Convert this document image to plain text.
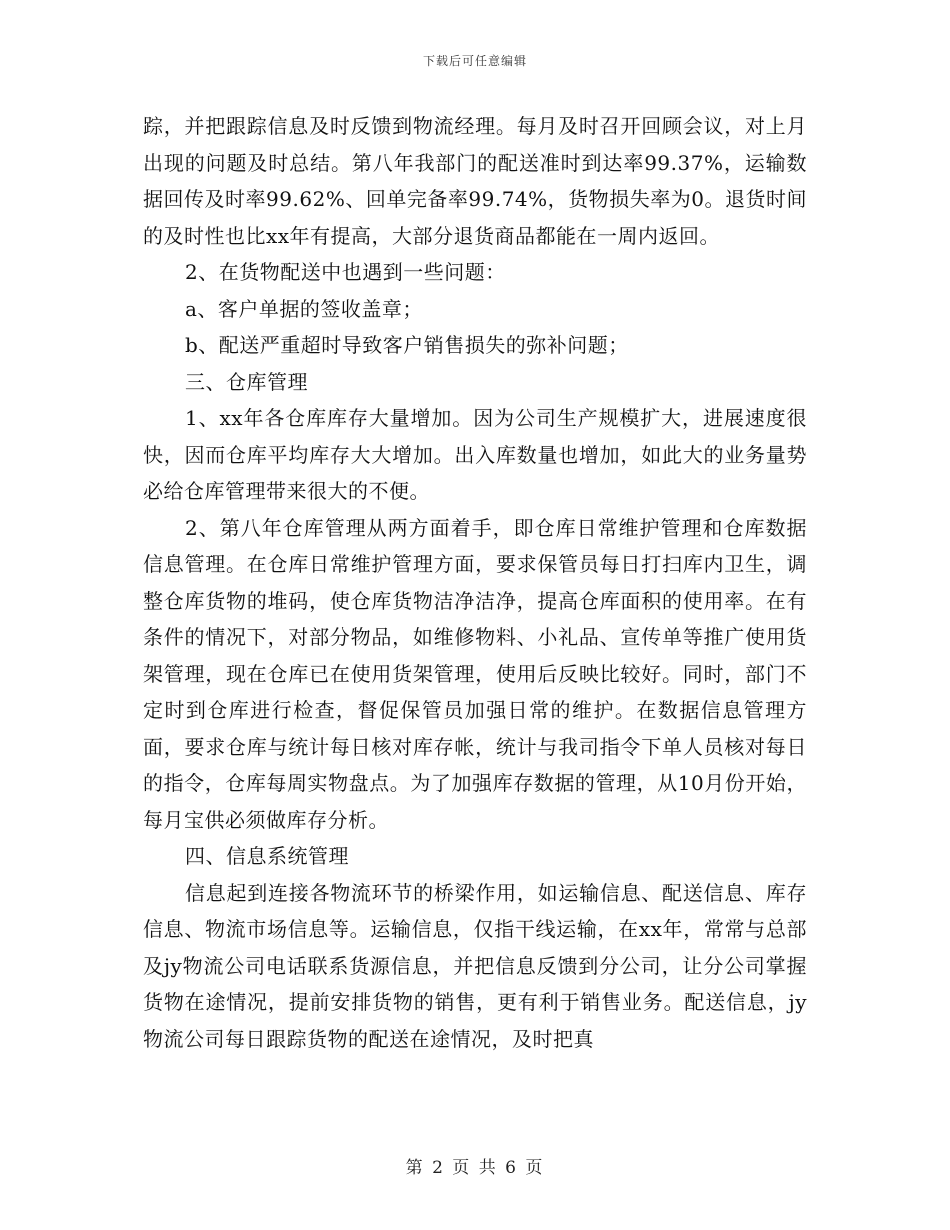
下载后可任意编辑

踪，并把跟踪信息及时反馈到物流经理。每月及时召开回顾会议，对上月出现的问题及时总结。第八年我部门的配送准时到达率99.37%，运输数据回传及时率99.62%、回单完备率99.74%，货物损失率为0。退货时间的及时性也比xx年有提高，大部分退货商品都能在一周内返回。

2、在货物配送中也遇到一些问题：

a、客户单据的签收盖章；

b、配送严重超时导致客户销售损失的弥补问题；

三、仓库管理

1、xx年各仓库库存大量增加。因为公司生产规模扩大，进展速度很快，因而仓库平均库存大大增加。出入库数量也增加，如此大的业务量势必给仓库管理带来很大的不便。

2、第八年仓库管理从两方面着手，即仓库日常维护管理和仓库数据信息管理。在仓库日常维护管理方面，要求保管员每日打扫库内卫生，调整仓库货物的堆码，使仓库货物洁净洁净，提高仓库面积的使用率。在有条件的情况下，对部分物品，如维修物料、小礼品、宣传单等推广使用货架管理，现在仓库已在使用货架管理，使用后反映比较好。同时，部门不定时到仓库进行检查，督促保管员加强日常的维护。在数据信息管理方面，要求仓库与统计每日核对库存帐，统计与我司指令下单人员核对每日的指令，仓库每周实物盘点。为了加强库存数据的管理，从10月份开始，每月宝供必须做库存分析。

四、信息系统管理

信息起到连接各物流环节的桥梁作用，如运输信息、配送信息、库存信息、物流市场信息等。运输信息，仅指干线运输，在xx年，常常与总部及jy物流公司电话联系货源信息，并把信息反馈到分公司，让分公司掌握货物在途情况，提前安排货物的销售，更有利于销售业务。配送信息，jy物流公司每日跟踪货物的配送在途情况，及时把真

第 2 页 共 6 页
